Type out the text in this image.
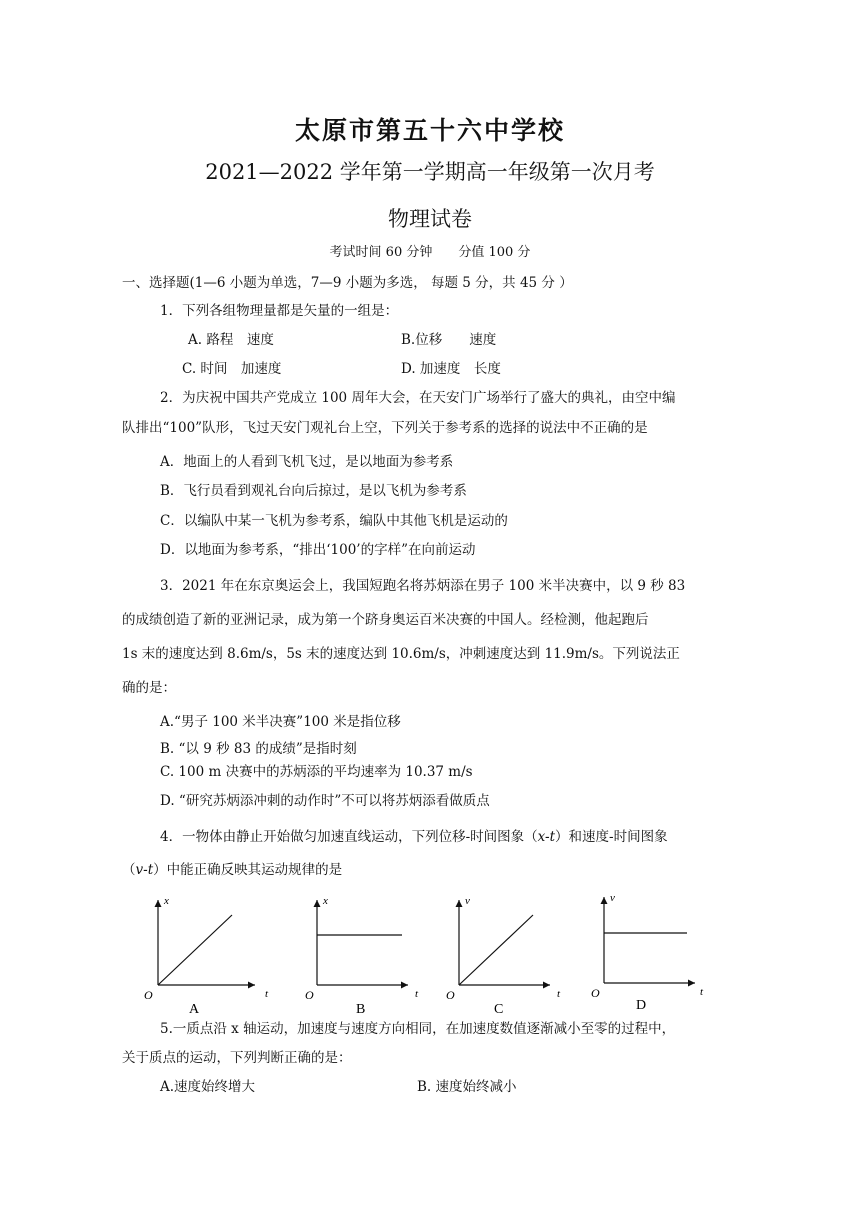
太原市第五十六中学校
2021—2022 学年第一学期高一年级第一次月考
物理试卷
考试时间 60 分钟　　分值 100 分
一、选择题(1—6 小题为单选，7—9 小题为多选， 每题 5 分，共 45 分 ）
1．下列各组物理量都是矢量的一组是：
A. 路程　速度	B.位移　　速度
C. 时间　加速度	D. 加速度　长度
2．为庆祝中国共产党成立 100 周年大会，在天安门广场举行了盛大的典礼，由空中编
队排出“100”队形，飞过天安门观礼台上空，下列关于参考系的选择的说法中不正确的是
A．地面上的人看到飞机飞过，是以地面为参考系
B．飞行员看到观礼台向后掠过，是以飞机为参考系
C．以编队中某一飞机为参考系，编队中其他飞机是运动的
D．以地面为参考系，“排出‘100’的字样”在向前运动
3．2021 年在东京奥运会上，我国短跑名将苏炳添在男子 100 米半决赛中，以 9 秒 83
的成绩创造了新的亚洲记录，成为第一个跻身奥运百米决赛的中国人。经检测，他起跑后
1s 末的速度达到 8.6m/s，5s 末的速度达到 10.6m/s，冲刺速度达到 11.9m/s。下列说法正
确的是：
A.“男子 100 米半决赛”100 米是指位移
B. “以 9 秒 83 的成绩”是指时刻
C. 100 m 决赛中的苏炳添的平均速率为 10.37 m/s
D. “研究苏炳添冲刺的动作时”不可以将苏炳添看做质点
4．一物体由静止开始做匀加速直线运动，下列位移-时间图象（x-t）和速度-时间图象
（v-t）中能正确反映其运动规律的是
x
t
O
A
x
t
O
B
v
t
O
C
v
t
O
D
5.一质点沿 x 轴运动，加速度与速度方向相同，在加速度数值逐渐减小至零的过程中，
关于质点的运动，下列判断正确的是：
A.速度始终增大	B. 速度始终减小
